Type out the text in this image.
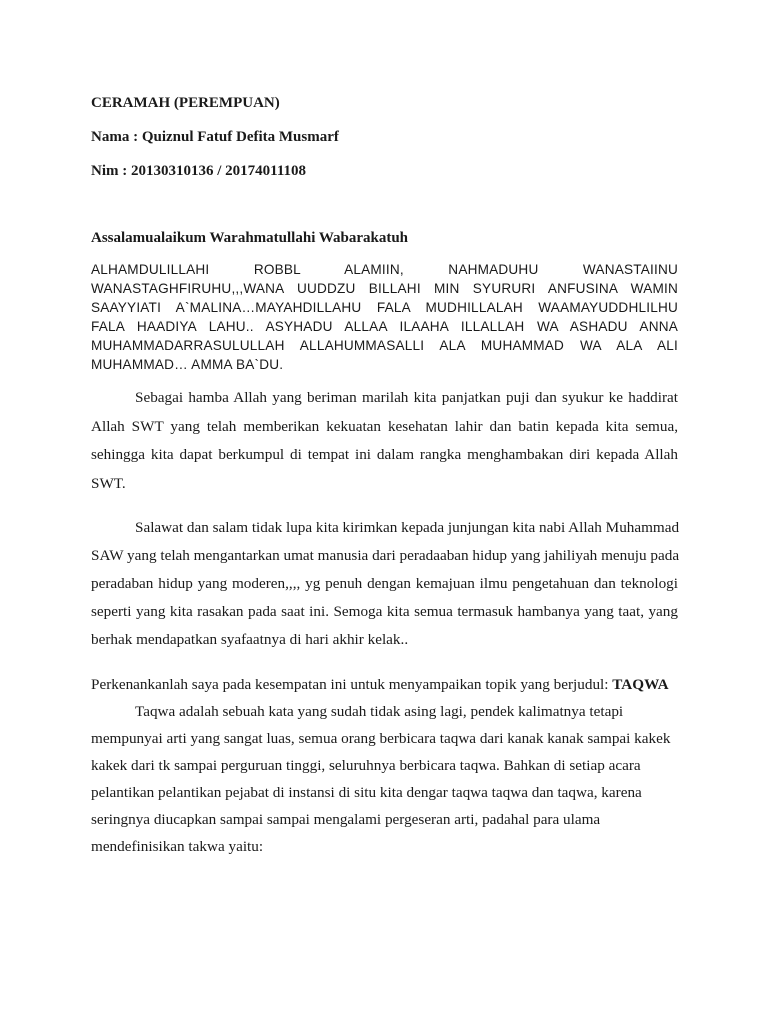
CERAMAH (PEREMPUAN)
Nama : Quiznul Fatuf Defita Musmarf
Nim : 20130310136 / 20174011108
Assalamualaikum Warahmatullahi Wabarakatuh
ALHAMDULILLAHI ROBBL ALAMIIN, NAHMADUHU WANASTAIINU
WANASTAGHFIRUHU,,,WANA UUDDZU BILLAHI MIN SYURURI ANFUSINA WAMIN
SAAYYIATI A`MALINA…MAYAHDILLAHU FALA MUDHILLALAH WAAMAYUDDHLILHU
FALA HAADIYA LAHU.. ASYHADU ALLAA ILAAHA ILLALLAH WA ASHADU ANNA
MUHAMMADARRASULULLAH ALLAHUMMASALLI ALA MUHAMMAD WA ALA ALI
MUHAMMAD… AMMA BA`DU.
Sebagai hamba Allah yang beriman marilah kita panjatkan puji dan syukur ke haddirat
Allah SWT yang telah memberikan kekuatan kesehatan lahir dan batin kepada kita semua,
sehingga kita dapat berkumpul di tempat ini dalam rangka menghambakan diri kepada Allah
SWT.
Salawat dan salam tidak lupa kita kirimkan kepada junjungan kita nabi Allah Muhammad
SAW yang telah mengantarkan umat manusia dari peradaaban hidup yang jahiliyah menuju pada
peradaban hidup yang moderen,,,, yg penuh dengan kemajuan ilmu pengetahuan dan teknologi
seperti yang kita rasakan pada saat ini. Semoga kita semua termasuk hambanya yang taat, yang
berhak mendapatkan syafaatnya di hari akhir kelak..
Perkenankanlah saya pada kesempatan ini untuk menyampaikan topik yang berjudul: TAQWA
Taqwa adalah sebuah kata yang sudah tidak asing lagi, pendek kalimatnya tetapi
mempunyai arti yang sangat luas, semua orang berbicara taqwa dari kanak kanak sampai kakek
kakek dari tk sampai perguruan tinggi, seluruhnya berbicara taqwa. Bahkan di setiap acara
pelantikan pelantikan pejabat di instansi di situ kita dengar taqwa taqwa dan taqwa, karena
seringnya diucapkan sampai sampai mengalami pergeseran arti, padahal para ulama
mendefinisikan takwa yaitu:
